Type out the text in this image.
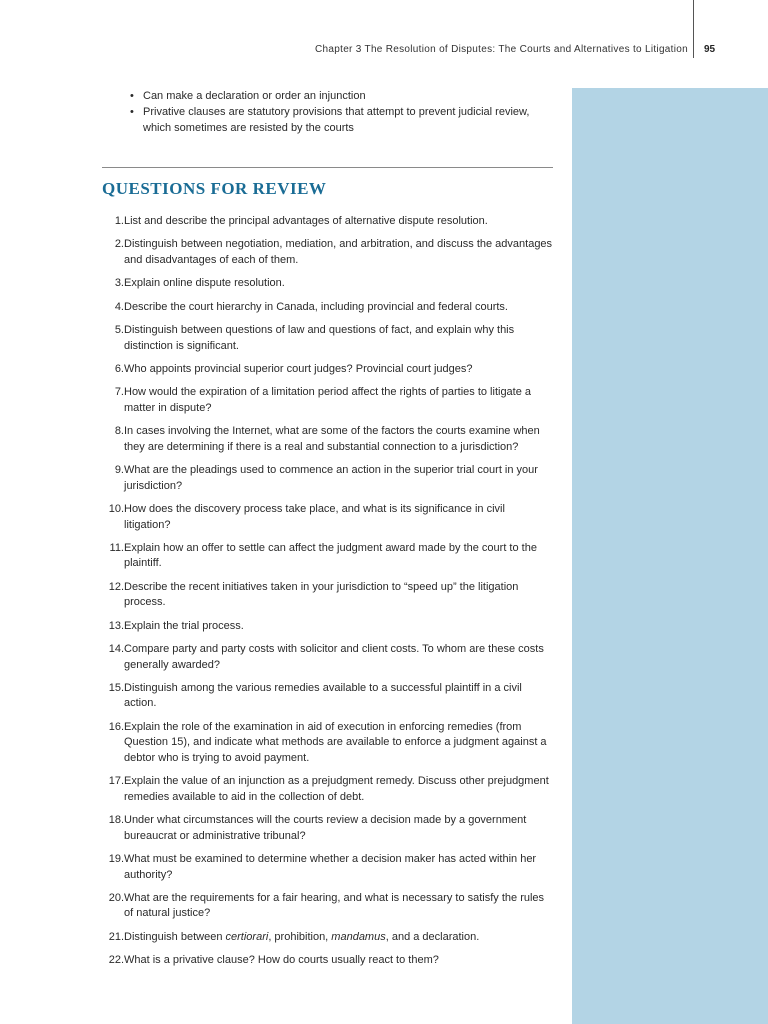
Chapter 3 The Resolution of Disputes: The Courts and Alternatives to Litigation 95
• Can make a declaration or order an injunction
• Privative clauses are statutory provisions that attempt to prevent judicial review, which sometimes are resisted by the courts
QUESTIONS FOR REVIEW
1. List and describe the principal advantages of alternative dispute resolution.
2. Distinguish between negotiation, mediation, and arbitration, and discuss the advantages and disadvantages of each of them.
3. Explain online dispute resolution.
4. Describe the court hierarchy in Canada, including provincial and federal courts.
5. Distinguish between questions of law and questions of fact, and explain why this distinction is significant.
6. Who appoints provincial superior court judges? Provincial court judges?
7. How would the expiration of a limitation period affect the rights of parties to litigate a matter in dispute?
8. In cases involving the Internet, what are some of the factors the courts examine when they are determining if there is a real and substantial connection to a jurisdiction?
9. What are the pleadings used to commence an action in the superior trial court in your jurisdiction?
10. How does the discovery process take place, and what is its significance in civil litigation?
11. Explain how an offer to settle can affect the judgment award made by the court to the plaintiff.
12. Describe the recent initiatives taken in your jurisdiction to “speed up” the litigation process.
13. Explain the trial process.
14. Compare party and party costs with solicitor and client costs. To whom are these costs generally awarded?
15. Distinguish among the various remedies available to a successful plaintiff in a civil action.
16. Explain the role of the examination in aid of execution in enforcing remedies (from Question 15), and indicate what methods are available to enforce a judgment against a debtor who is trying to avoid payment.
17. Explain the value of an injunction as a prejudgment remedy. Discuss other prejudgment remedies available to aid in the collection of debt.
18. Under what circumstances will the courts review a decision made by a government bureaucrat or administrative tribunal?
19. What must be examined to determine whether a decision maker has acted within her authority?
20. What are the requirements for a fair hearing, and what is necessary to satisfy the rules of natural justice?
21. Distinguish between certiorari, prohibition, mandamus, and a declaration.
22. What is a privative clause? How do courts usually react to them?
